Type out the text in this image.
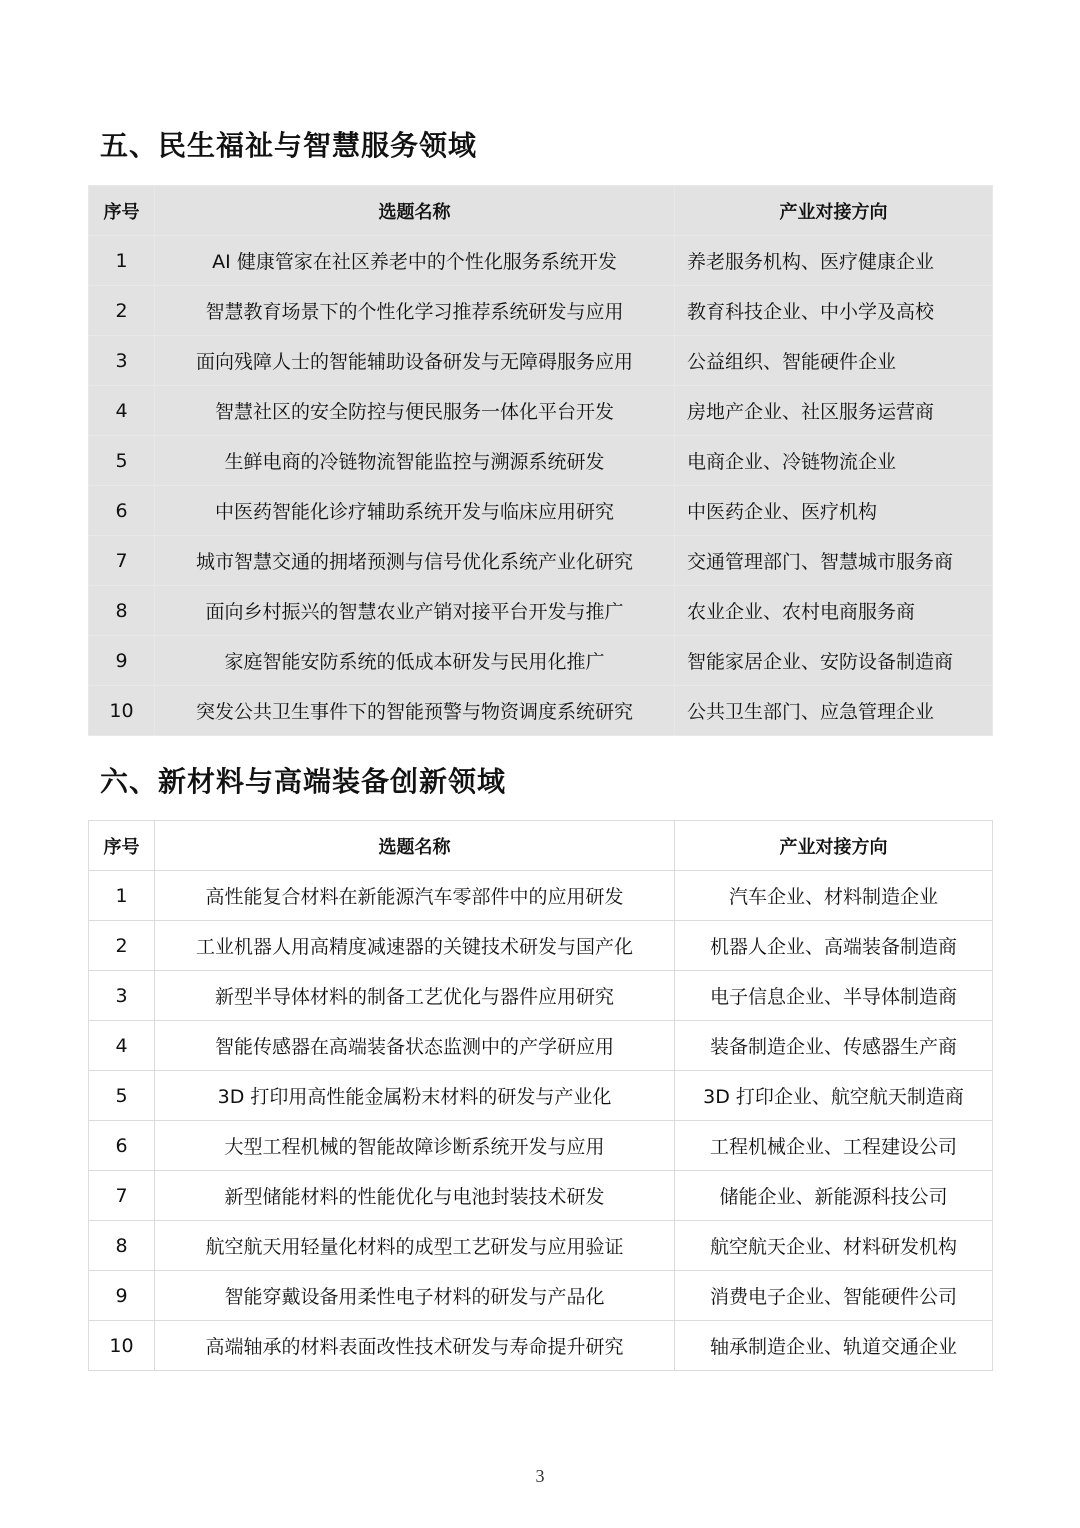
五、民生福祉与智慧服务领域
序号	选题名称	产业对接方向
1	AI 健康管家在社区养老中的个性化服务系统开发	养老服务机构、医疗健康企业
2	智慧教育场景下的个性化学习推荐系统研发与应用	教育科技企业、中小学及高校
3	面向残障人士的智能辅助设备研发与无障碍服务应用	公益组织、智能硬件企业
4	智慧社区的安全防控与便民服务一体化平台开发	房地产企业、社区服务运营商
5	生鲜电商的冷链物流智能监控与溯源系统研发	电商企业、冷链物流企业
6	中医药智能化诊疗辅助系统开发与临床应用研究	中医药企业、医疗机构
7	城市智慧交通的拥堵预测与信号优化系统产业化研究	交通管理部门、智慧城市服务商
8	面向乡村振兴的智慧农业产销对接平台开发与推广	农业企业、农村电商服务商
9	家庭智能安防系统的低成本研发与民用化推广	智能家居企业、安防设备制造商
10	突发公共卫生事件下的智能预警与物资调度系统研究	公共卫生部门、应急管理企业
六、新材料与高端装备创新领域
序号	选题名称	产业对接方向
1	高性能复合材料在新能源汽车零部件中的应用研发	汽车企业、材料制造企业
2	工业机器人用高精度减速器的关键技术研发与国产化	机器人企业、高端装备制造商
3	新型半导体材料的制备工艺优化与器件应用研究	电子信息企业、半导体制造商
4	智能传感器在高端装备状态监测中的产学研应用	装备制造企业、传感器生产商
5	3D 打印用高性能金属粉末材料的研发与产业化	3D 打印企业、航空航天制造商
6	大型工程机械的智能故障诊断系统开发与应用	工程机械企业、工程建设公司
7	新型储能材料的性能优化与电池封装技术研发	储能企业、新能源科技公司
8	航空航天用轻量化材料的成型工艺研发与应用验证	航空航天企业、材料研发机构
9	智能穿戴设备用柔性电子材料的研发与产品化	消费电子企业、智能硬件公司
10	高端轴承的材料表面改性技术研发与寿命提升研究	轴承制造企业、轨道交通企业
3
